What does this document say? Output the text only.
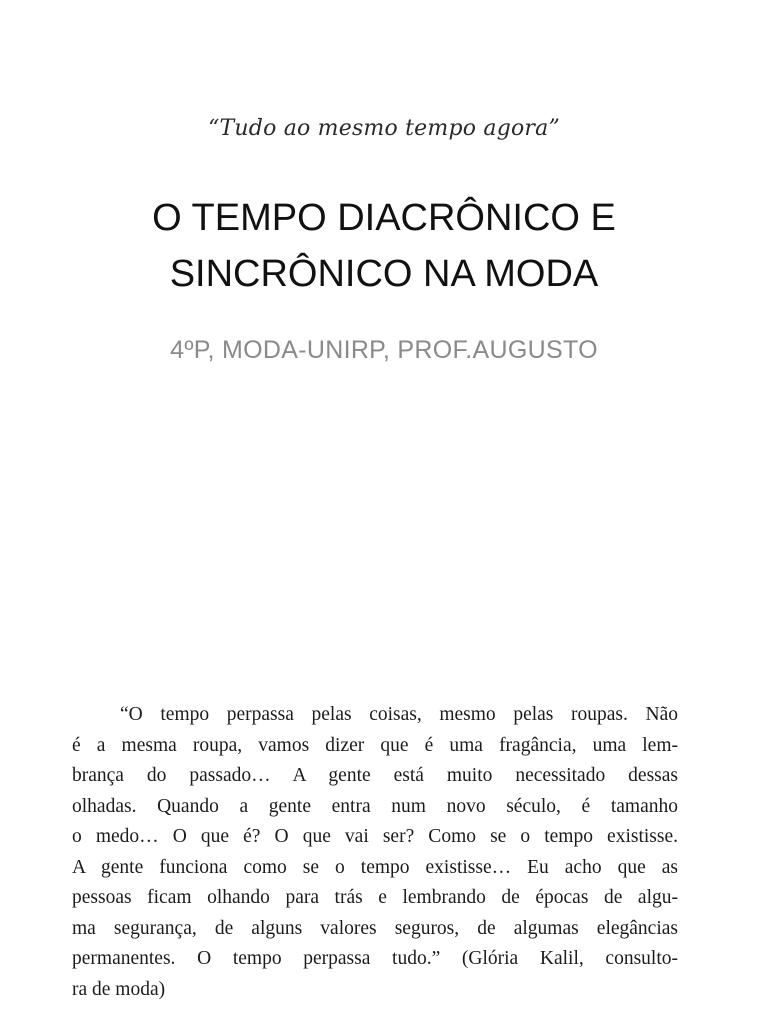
“Tudo ao mesmo tempo agora”
O TEMPO DIACRÔNICO E
SINCRÔNICO NA MODA
4ºP, MODA-UNIRP, PROF.AUGUSTO
“O tempo perpassa pelas coisas, mesmo pelas roupas. Não
é a mesma roupa, vamos dizer que é uma fragância, uma lem-
brança do passado… A gente está muito necessitado dessas
olhadas. Quando a gente entra num novo século, é tamanho
o medo… O que é? O que vai ser? Como se o tempo existisse.
A gente funciona como se o tempo existisse… Eu acho que as
pessoas ficam olhando para trás e lembrando de épocas de algu-
ma segurança, de alguns valores seguros, de algumas elegâncias
permanentes. O tempo perpassa tudo.” (Glória Kalil, consulto-
ra de moda)
